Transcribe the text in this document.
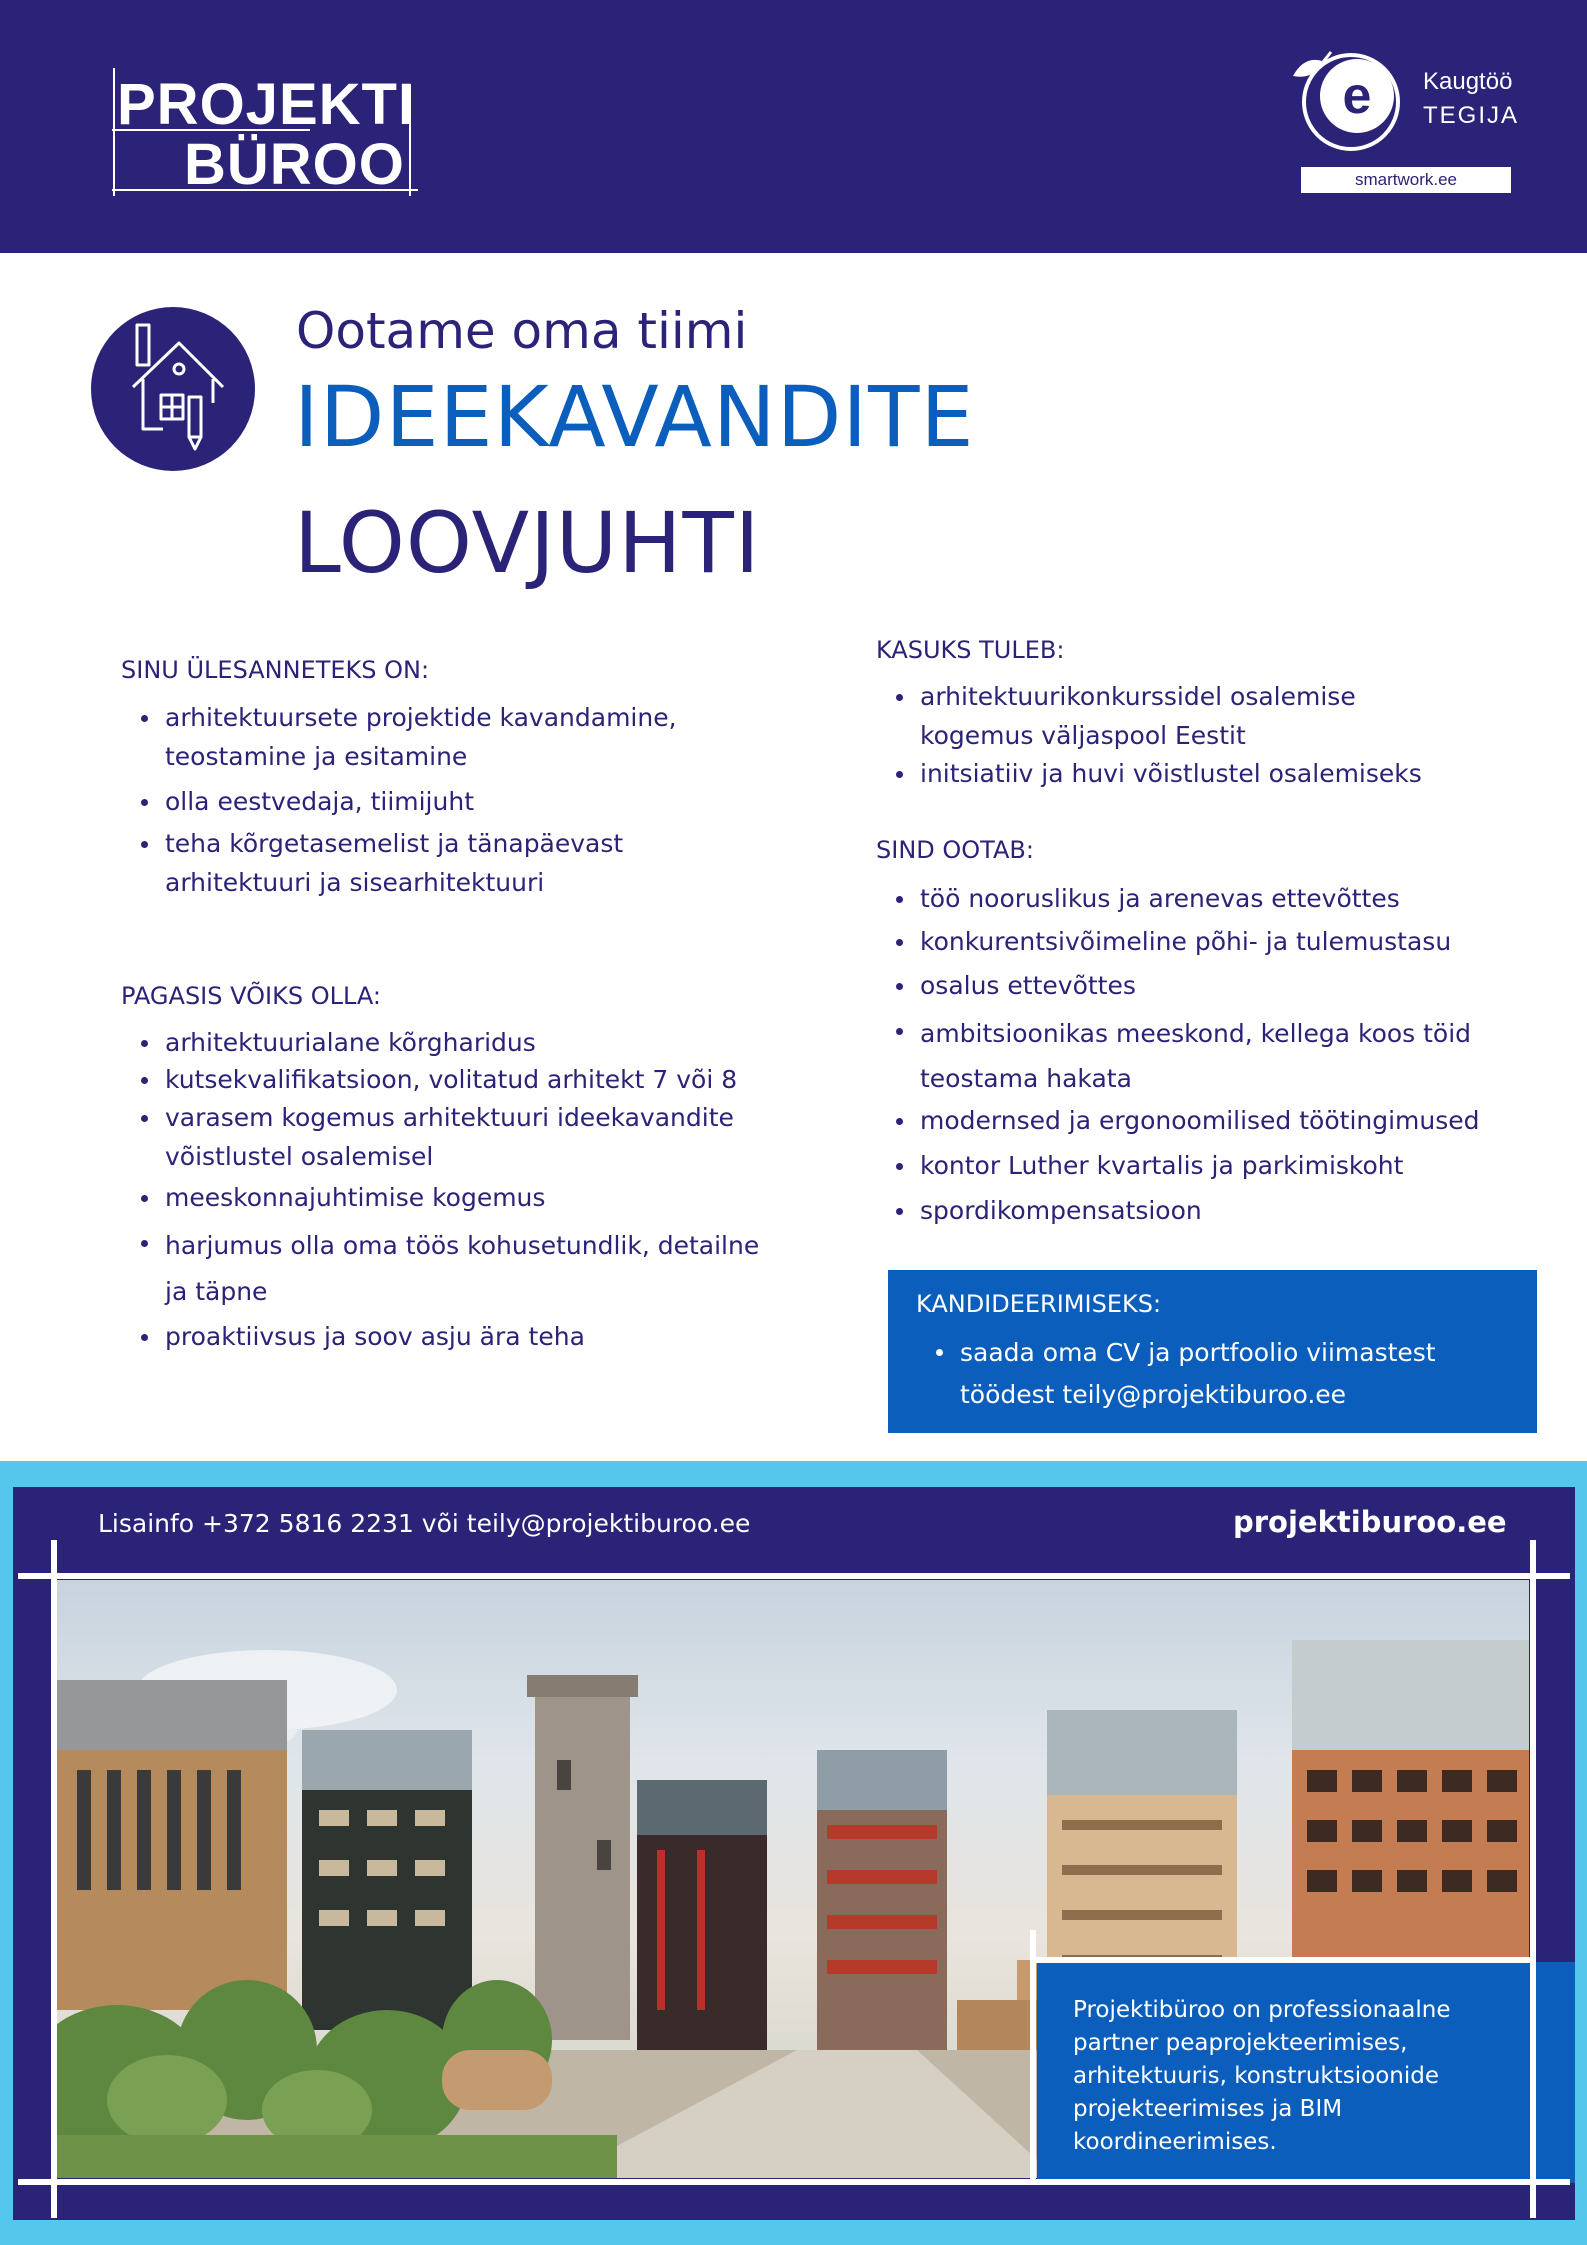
PROJEKTI
BÜROO
e Kaugtöö
TEGIJA
smartwork.ee
Ootame oma tiimi
IDEEKAVANDITE
LOOVJUHTI
SINU ÜLESANNETEKS ON:
arhitektuursete projektide kavandamine,
teostamine ja esitamine
olla eestvedaja, tiimijuht
teha kõrgetasemelist ja tänapäevast
arhitektuuri ja sisearhitektuuri
PAGASIS VÕIKS OLLA:
arhitektuurialane kõrgharidus
kutsekvalifikatsioon, volitatud arhitekt 7 või 8
varasem kogemus arhitektuuri ideekavandite
võistlustel osalemisel
meeskonnajuhtimise kogemus
harjumus olla oma töös kohusetundlik, detailne
ja täpne
proaktiivsus ja soov asju ära teha
KASUKS TULEB:
arhitektuurikonkurssidel osalemise
kogemus väljaspool Eestit
initsiatiiv ja huvi võistlustel osalemiseks
SIND OOTAB:
töö nooruslikus ja arenevas ettevõttes
konkurentsivõimeline põhi- ja tulemustasu
osalus ettevõttes
ambitsioonikas meeskond, kellega koos töid
teostama hakata
modernsed ja ergonoomilised töötingimused
kontor Luther kvartalis ja parkimiskoht
spordikompensatsioon
KANDIDEERIMISEKS:
saada oma CV ja portfoolio viimastest
töödest teily@projektiburoo.ee
Lisainfo +372 5816 2231 või teily@projektiburoo.ee	projektiburoo.ee
Projektibüroo on professionaalne partner peaprojekteerimises, arhitektuuris, konstruktsioonide projekteerimises ja BIM koordineerimises.
